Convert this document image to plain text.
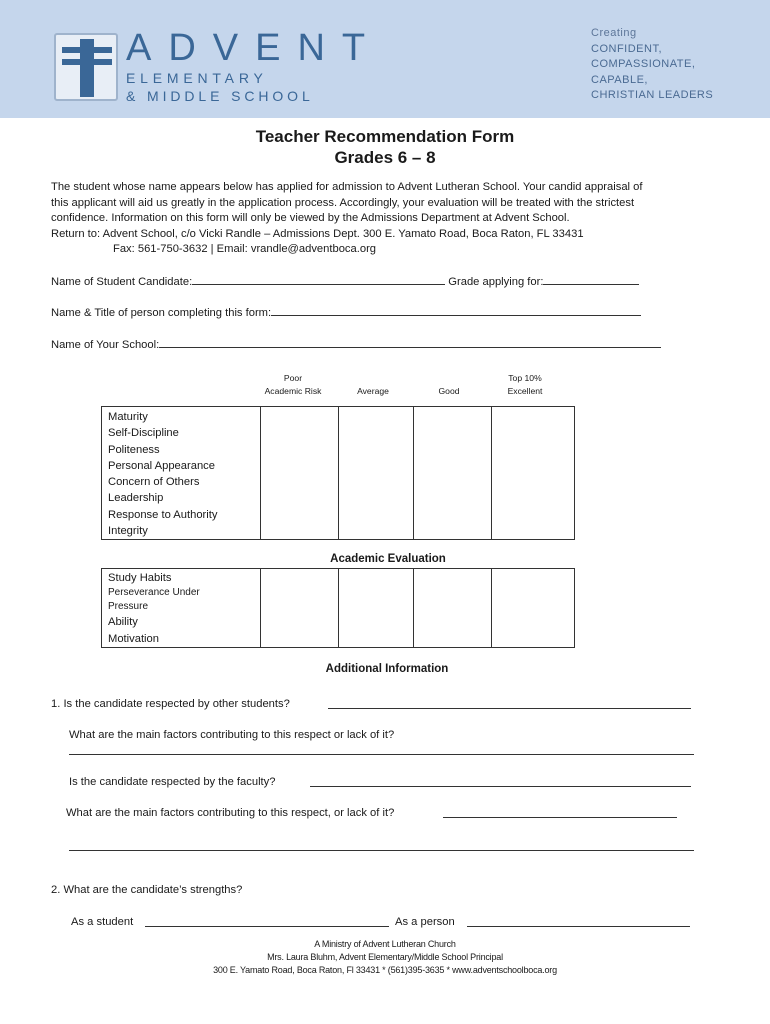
ADVENT
ELEMENTARY
& MIDDLE SCHOOL
Creating
CONFIDENT,
COMPASSIONATE,
CAPABLE,
CHRISTIAN LEADERS
Teacher Recommendation Form
Grades 6 – 8
The student whose name appears below has applied for admission to Advent Lutheran School. Your candid appraisal of
this applicant will aid us greatly in the application process. Accordingly, your evaluation will be treated with the strictest
confidence. Information on this form will only be viewed by the Admissions Department at Advent School.
Return to: Advent School, c/o Vicki Randle – Admissions Dept. 300 E. Yamato Road, Boca Raton, FL 33431
Fax: 561-750-3632 | Email: vrandle@adventboca.org
Name of Student Candidate:	Grade applying for:
Name & Title of person completing this form:
Name of Your School:
Poor
Academic Risk
	Average
	Good
Top 10%
Excellent
Maturity
Self-Discipline
Politeness
Personal Appearance
Concern of Others
Leadership
Response to Authority
Integrity

Academic Evaluation
Study Habits
Perseverance Under
Pressure
Ability
Motivation

Additional Information
1. Is the candidate respected by other students?
What are the main factors contributing to this respect or lack of it?
Is the candidate respected by the faculty?
What are the main factors contributing to this respect, or lack of it?
2. What are the candidate’s strengths?
As a student	As a person
A Ministry of Advent Lutheran Church
Mrs. Laura Bluhm, Advent Elementary/Middle School Principal
300 E. Yamato Road, Boca Raton, Fl 33431 * (561)395-3635 * www.adventschoolboca.org
